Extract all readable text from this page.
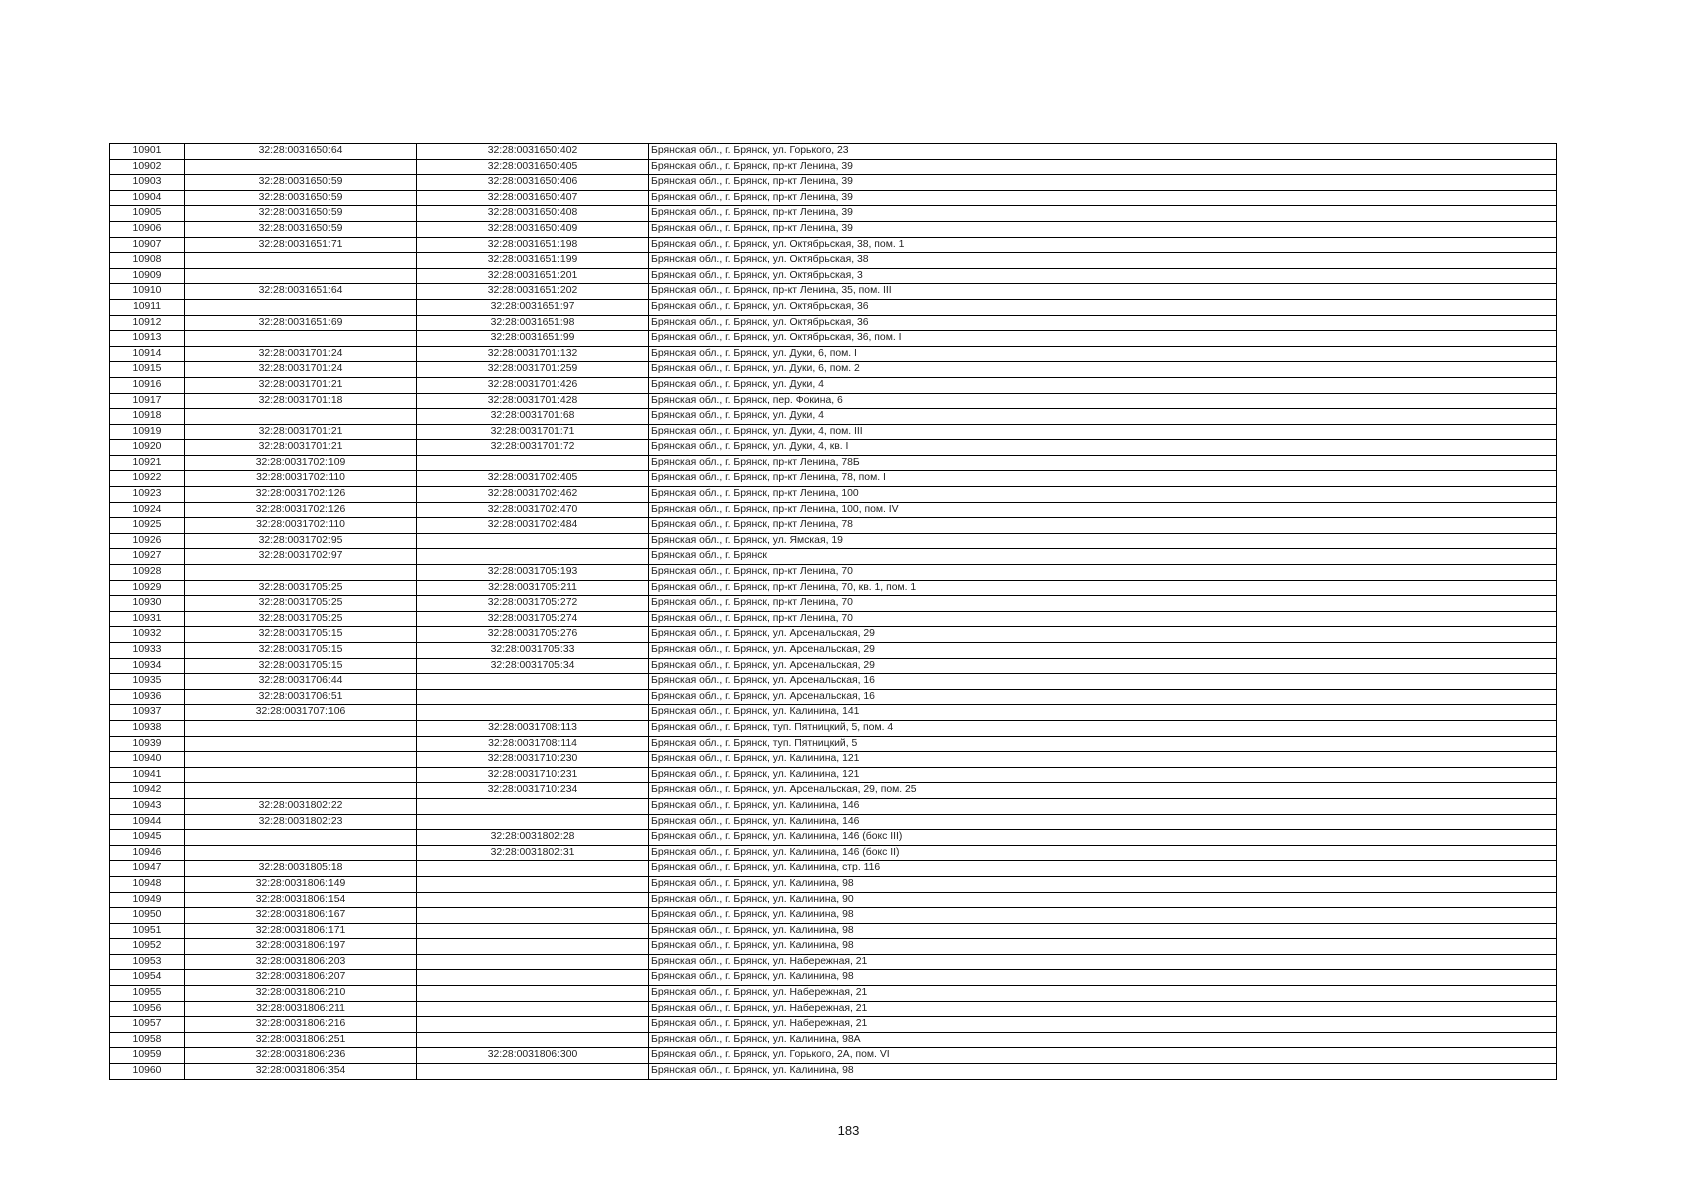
10901	32:28:0031650:64	32:28:0031650:402	Брянская обл., г. Брянск, ул. Горького, 23
10902		32:28:0031650:405	Брянская обл., г. Брянск, пр-кт Ленина, 39
10903	32:28:0031650:59	32:28:0031650:406	Брянская обл., г. Брянск, пр-кт Ленина, 39
10904	32:28:0031650:59	32:28:0031650:407	Брянская обл., г. Брянск, пр-кт Ленина, 39
10905	32:28:0031650:59	32:28:0031650:408	Брянская обл., г. Брянск, пр-кт Ленина, 39
10906	32:28:0031650:59	32:28:0031650:409	Брянская обл., г. Брянск, пр-кт Ленина, 39
10907	32:28:0031651:71	32:28:0031651:198	Брянская обл., г. Брянск, ул. Октябрьская, 38, пом. 1
10908		32:28:0031651:199	Брянская обл., г. Брянск, ул. Октябрьская, 38
10909		32:28:0031651:201	Брянская обл., г. Брянск, ул. Октябрьская, 3
10910	32:28:0031651:64	32:28:0031651:202	Брянская обл., г. Брянск, пр-кт Ленина, 35, пом. III
10911		32:28:0031651:97	Брянская обл., г. Брянск, ул. Октябрьская, 36
10912	32:28:0031651:69	32:28:0031651:98	Брянская обл., г. Брянск, ул. Октябрьская, 36
10913		32:28:0031651:99	Брянская обл., г. Брянск, ул. Октябрьская, 36, пом. I
10914	32:28:0031701:24	32:28:0031701:132	Брянская обл., г. Брянск, ул. Дуки, 6, пом. I
10915	32:28:0031701:24	32:28:0031701:259	Брянская обл., г. Брянск, ул. Дуки, 6, пом. 2
10916	32:28:0031701:21	32:28:0031701:426	Брянская обл., г. Брянск, ул. Дуки, 4
10917	32:28:0031701:18	32:28:0031701:428	Брянская обл., г. Брянск, пер. Фокина, 6
10918		32:28:0031701:68	Брянская обл., г. Брянск, ул. Дуки, 4
10919	32:28:0031701:21	32:28:0031701:71	Брянская обл., г. Брянск, ул. Дуки, 4, пом. III
10920	32:28:0031701:21	32:28:0031701:72	Брянская обл., г. Брянск, ул. Дуки, 4, кв. I
10921	32:28:0031702:109		Брянская обл., г. Брянск, пр-кт Ленина, 78Б
10922	32:28:0031702:110	32:28:0031702:405	Брянская обл., г. Брянск, пр-кт Ленина, 78, пом. I
10923	32:28:0031702:126	32:28:0031702:462	Брянская обл., г. Брянск, пр-кт Ленина, 100
10924	32:28:0031702:126	32:28:0031702:470	Брянская обл., г. Брянск, пр-кт Ленина, 100, пом. IV
10925	32:28:0031702:110	32:28:0031702:484	Брянская обл., г. Брянск, пр-кт Ленина, 78
10926	32:28:0031702:95		Брянская обл., г. Брянск, ул. Ямская, 19
10927	32:28:0031702:97		Брянская обл., г. Брянск
10928		32:28:0031705:193	Брянская обл., г. Брянск, пр-кт Ленина, 70
10929	32:28:0031705:25	32:28:0031705:211	Брянская обл., г. Брянск, пр-кт Ленина, 70, кв. 1, пом. 1
10930	32:28:0031705:25	32:28:0031705:272	Брянская обл., г. Брянск, пр-кт Ленина, 70
10931	32:28:0031705:25	32:28:0031705:274	Брянская обл., г. Брянск, пр-кт Ленина, 70
10932	32:28:0031705:15	32:28:0031705:276	Брянская обл., г. Брянск, ул. Арсенальская, 29
10933	32:28:0031705:15	32:28:0031705:33	Брянская обл., г. Брянск, ул. Арсенальская, 29
10934	32:28:0031705:15	32:28:0031705:34	Брянская обл., г. Брянск, ул. Арсенальская, 29
10935	32:28:0031706:44		Брянская обл., г. Брянск, ул. Арсенальская, 16
10936	32:28:0031706:51		Брянская обл., г. Брянск, ул. Арсенальская, 16
10937	32:28:0031707:106		Брянская обл., г. Брянск, ул. Калинина, 141
10938		32:28:0031708:113	Брянская обл., г. Брянск, туп. Пятницкий, 5, пом. 4
10939		32:28:0031708:114	Брянская обл., г. Брянск, туп. Пятницкий, 5
10940		32:28:0031710:230	Брянская обл., г. Брянск, ул. Калинина, 121
10941		32:28:0031710:231	Брянская обл., г. Брянск, ул. Калинина, 121
10942		32:28:0031710:234	Брянская обл., г. Брянск, ул. Арсенальская, 29, пом. 25
10943	32:28:0031802:22		Брянская обл., г. Брянск, ул. Калинина, 146
10944	32:28:0031802:23		Брянская обл., г. Брянск, ул. Калинина, 146
10945		32:28:0031802:28	Брянская обл., г. Брянск, ул. Калинина, 146 (бокс III)
10946		32:28:0031802:31	Брянская обл., г. Брянск, ул. Калинина, 146 (бокс II)
10947	32:28:0031805:18		Брянская обл., г. Брянск, ул. Калинина, стр. 116
10948	32:28:0031806:149		Брянская обл., г. Брянск, ул. Калинина, 98
10949	32:28:0031806:154		Брянская обл., г. Брянск, ул. Калинина, 90
10950	32:28:0031806:167		Брянская обл., г. Брянск, ул. Калинина, 98
10951	32:28:0031806:171		Брянская обл., г. Брянск, ул. Калинина, 98
10952	32:28:0031806:197		Брянская обл., г. Брянск, ул. Калинина, 98
10953	32:28:0031806:203		Брянская обл., г. Брянск, ул. Набережная, 21
10954	32:28:0031806:207		Брянская обл., г. Брянск, ул. Калинина, 98
10955	32:28:0031806:210		Брянская обл., г. Брянск, ул. Набережная, 21
10956	32:28:0031806:211		Брянская обл., г. Брянск, ул. Набережная, 21
10957	32:28:0031806:216		Брянская обл., г. Брянск, ул. Набережная, 21
10958	32:28:0031806:251		Брянская обл., г. Брянск, ул. Калинина, 98А
10959	32:28:0031806:236	32:28:0031806:300	Брянская обл., г. Брянск, ул. Горького, 2А, пом. VI
10960	32:28:0031806:354		Брянская обл., г. Брянск, ул. Калинина, 98
183
